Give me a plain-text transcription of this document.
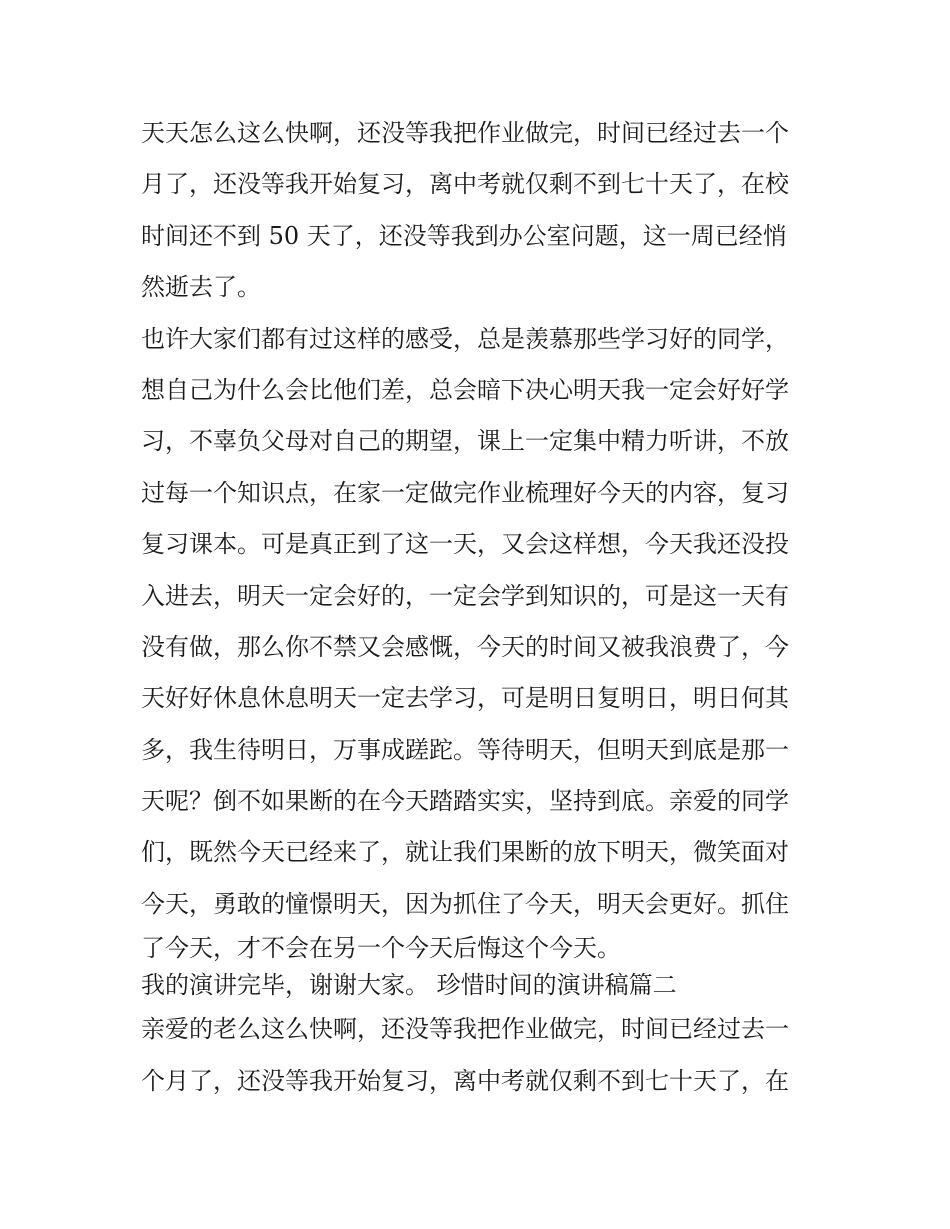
天天怎么这么快啊，还没等我把作业做完，时间已经过去一个
月了，还没等我开始复习，离中考就仅剩不到七十天了，在校
时间还不到 50 天了，还没等我到办公室问题，这一周已经悄
然逝去了。
也许大家们都有过这样的感受，总是羡慕那些学习好的同学，
想自己为什么会比他们差，总会暗下决心明天我一定会好好学
习，不辜负父母对自己的期望，课上一定集中精力听讲，不放
过每一个知识点，在家一定做完作业梳理好今天的内容，复习
复习课本。可是真正到了这一天，又会这样想，今天我还没投
入进去，明天一定会好的，一定会学到知识的，可是这一天有
没有做，那么你不禁又会感慨，今天的时间又被我浪费了，今
天好好休息休息明天一定去学习，可是明日复明日，明日何其
多，我生待明日，万事成蹉跎。等待明天，但明天到底是那一
天呢？倒不如果断的在今天踏踏实实，坚持到底。亲爱的同学
们，既然今天已经来了，就让我们果断的放下明天，微笑面对
今天，勇敢的憧憬明天，因为抓住了今天，明天会更好。抓住
了今天，才不会在另一个今天后悔这个今天。
我的演讲完毕，谢谢大家。 珍惜时间的演讲稿篇二
亲爱的老么这么快啊，还没等我把作业做完，时间已经过去一
个月了，还没等我开始复习，离中考就仅剩不到七十天了，在
